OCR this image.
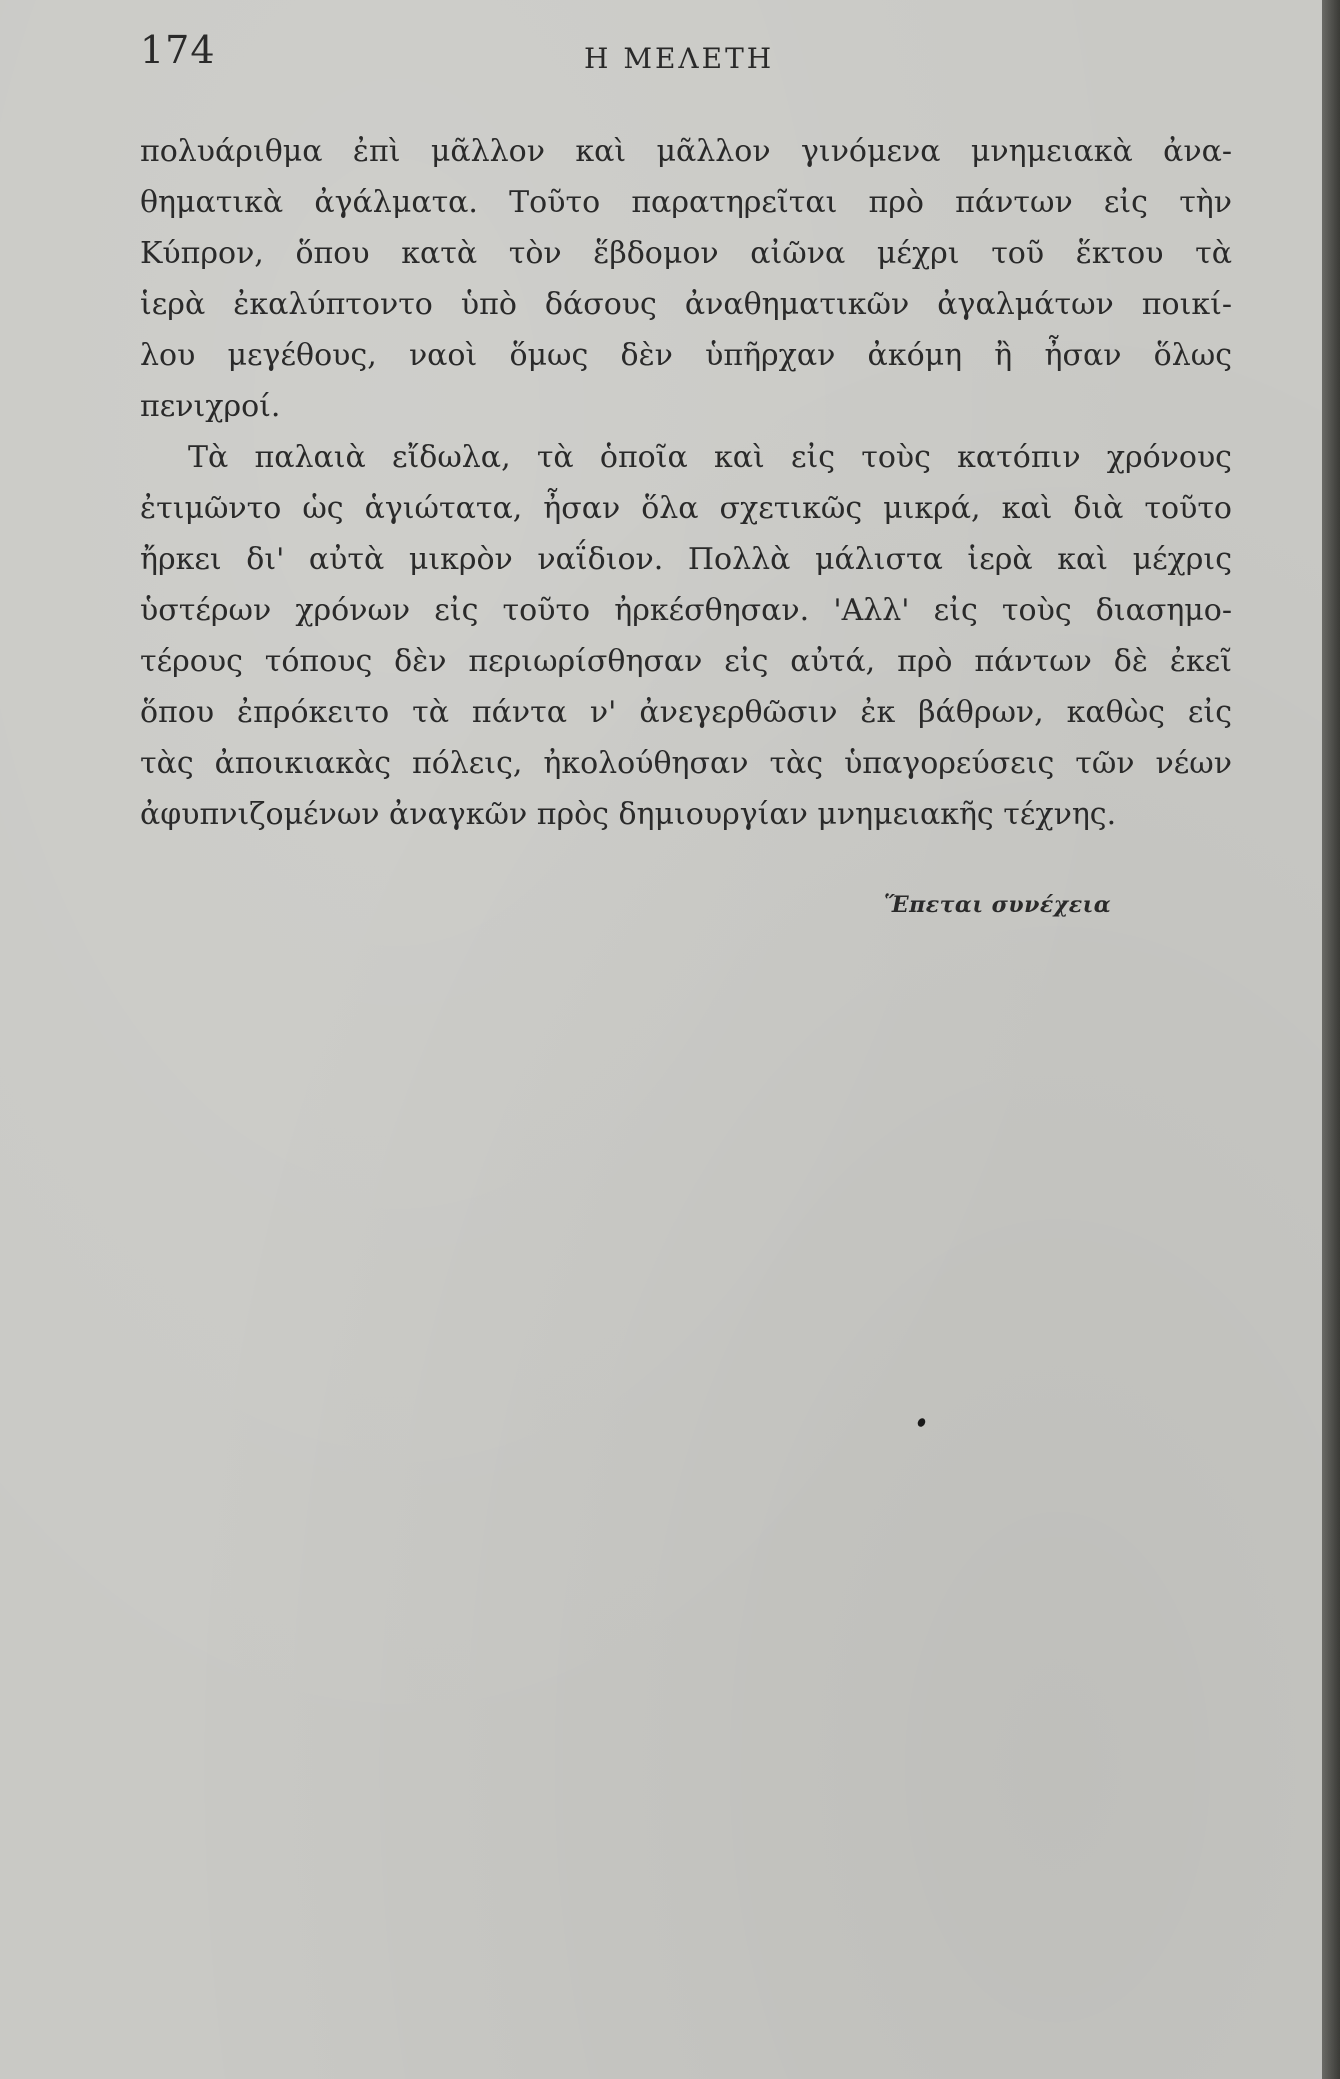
174	Η ΜΕΛΕΤΗ
πολυάριθμα ἐπὶ μᾶλλον καὶ μᾶλλον γινόμενα μνημειακὰ ἀνα-
θηματικὰ ἀγάλματα. Τοῦτο παρατηρεῖται πρὸ πάντων εἰς τὴν
Κύπρον, ὅπου κατὰ τὸν ἕβδομον αἰῶνα μέχρι τοῦ ἕκτου τὰ
ἱερὰ ἐκαλύπτοντο ὑπὸ δάσους ἀναθηματικῶν ἀγαλμάτων ποικί-
λου μεγέθους, ναοὶ ὅμως δὲν ὑπῆρχαν ἀκόμη ἢ ἦσαν ὅλως
πενιχροί.
Τὰ παλαιὰ εἴδωλα, τὰ ὁποῖα καὶ εἰς τοὺς κατόπιν χρόνους
ἐτιμῶντο ὡς ἁγιώτατα, ἦσαν ὅλα σχετικῶς μικρά, καὶ διὰ τοῦτο
ἤρκει δι' αὐτὰ μικρὸν ναΐδιον. Πολλὰ μάλιστα ἱερὰ καὶ μέχρις
ὑστέρων χρόνων εἰς τοῦτο ἠρκέσθησαν. 'Αλλ' εἰς τοὺς διασημο-
τέρους τόπους δὲν περιωρίσθησαν εἰς αὐτά, πρὸ πάντων δὲ ἐκεῖ
ὅπου ἐπρόκειτο τὰ πάντα ν' ἀνεγερθῶσιν ἐκ βάθρων, καθὼς εἰς
τὰς ἀποικιακὰς πόλεις, ἠκολούθησαν τὰς ὑπαγορεύσεις τῶν νέων
ἀφυπνιζομένων ἀναγκῶν πρὸς δημιουργίαν μνημειακῆς τέχνης.
Ἕπεται συνέχεια
